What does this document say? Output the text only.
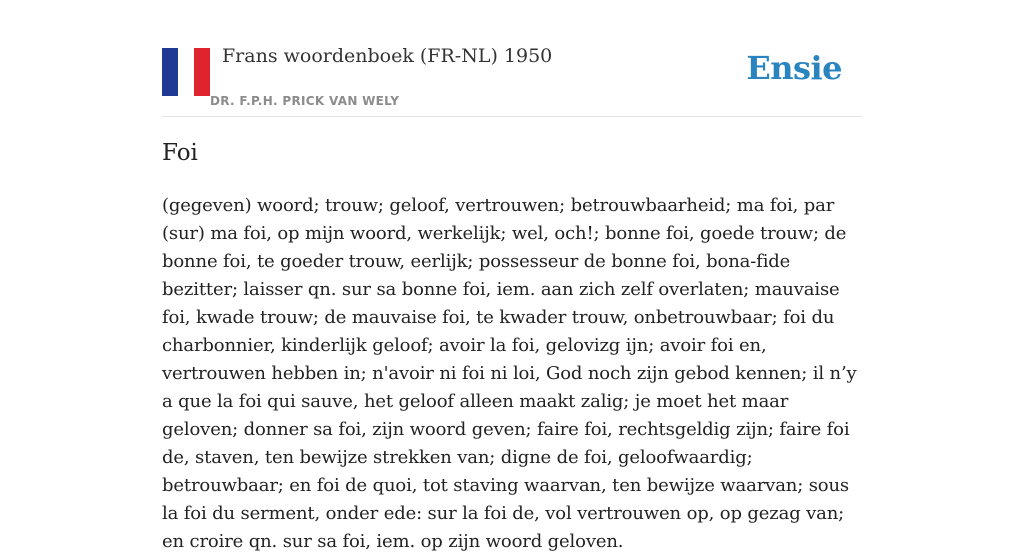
Frans woordenboek (FR-NL) 1950
DR. F.P.H. PRICK VAN WELY
Ensie
Foi

(gegeven) woord; trouw; geloof, vertrouwen; betrouwbaarheid; ma foi, par (sur) ma foi, op mijn woord, werkelijk; wel, och!; bonne foi, goede trouw; de bonne foi, te goeder trouw, eerlijk; possesseur de bonne foi, bona-fide bezitter; laisser qn. sur sa bonne foi, iem. aan zich zelf overlaten; mauvaise foi, kwade trouw; de mauvaise foi, te kwader trouw, onbetrouwbaar; foi du charbonnier, kinderlijk geloof; avoir la foi, gelovizg ijn; avoir foi en, vertrouwen hebben in; n'avoir ni foi ni loi, God noch zijn gebod kennen; il n’y a que la foi qui sauve, het geloof alleen maakt zalig; je moet het maar geloven; donner sa foi, zijn woord geven; faire foi, rechtsgeldig zijn; faire foi de, staven, ten bewijze strekken van; digne de foi, geloofwaardig; betrouwbaar; en foi de quoi, tot staving waarvan, ten bewijze waarvan; sous la foi du serment, onder ede: sur la foi de, vol vertrouwen op, op gezag van; en croire qn. sur sa foi, iem. op zijn woord geloven.
